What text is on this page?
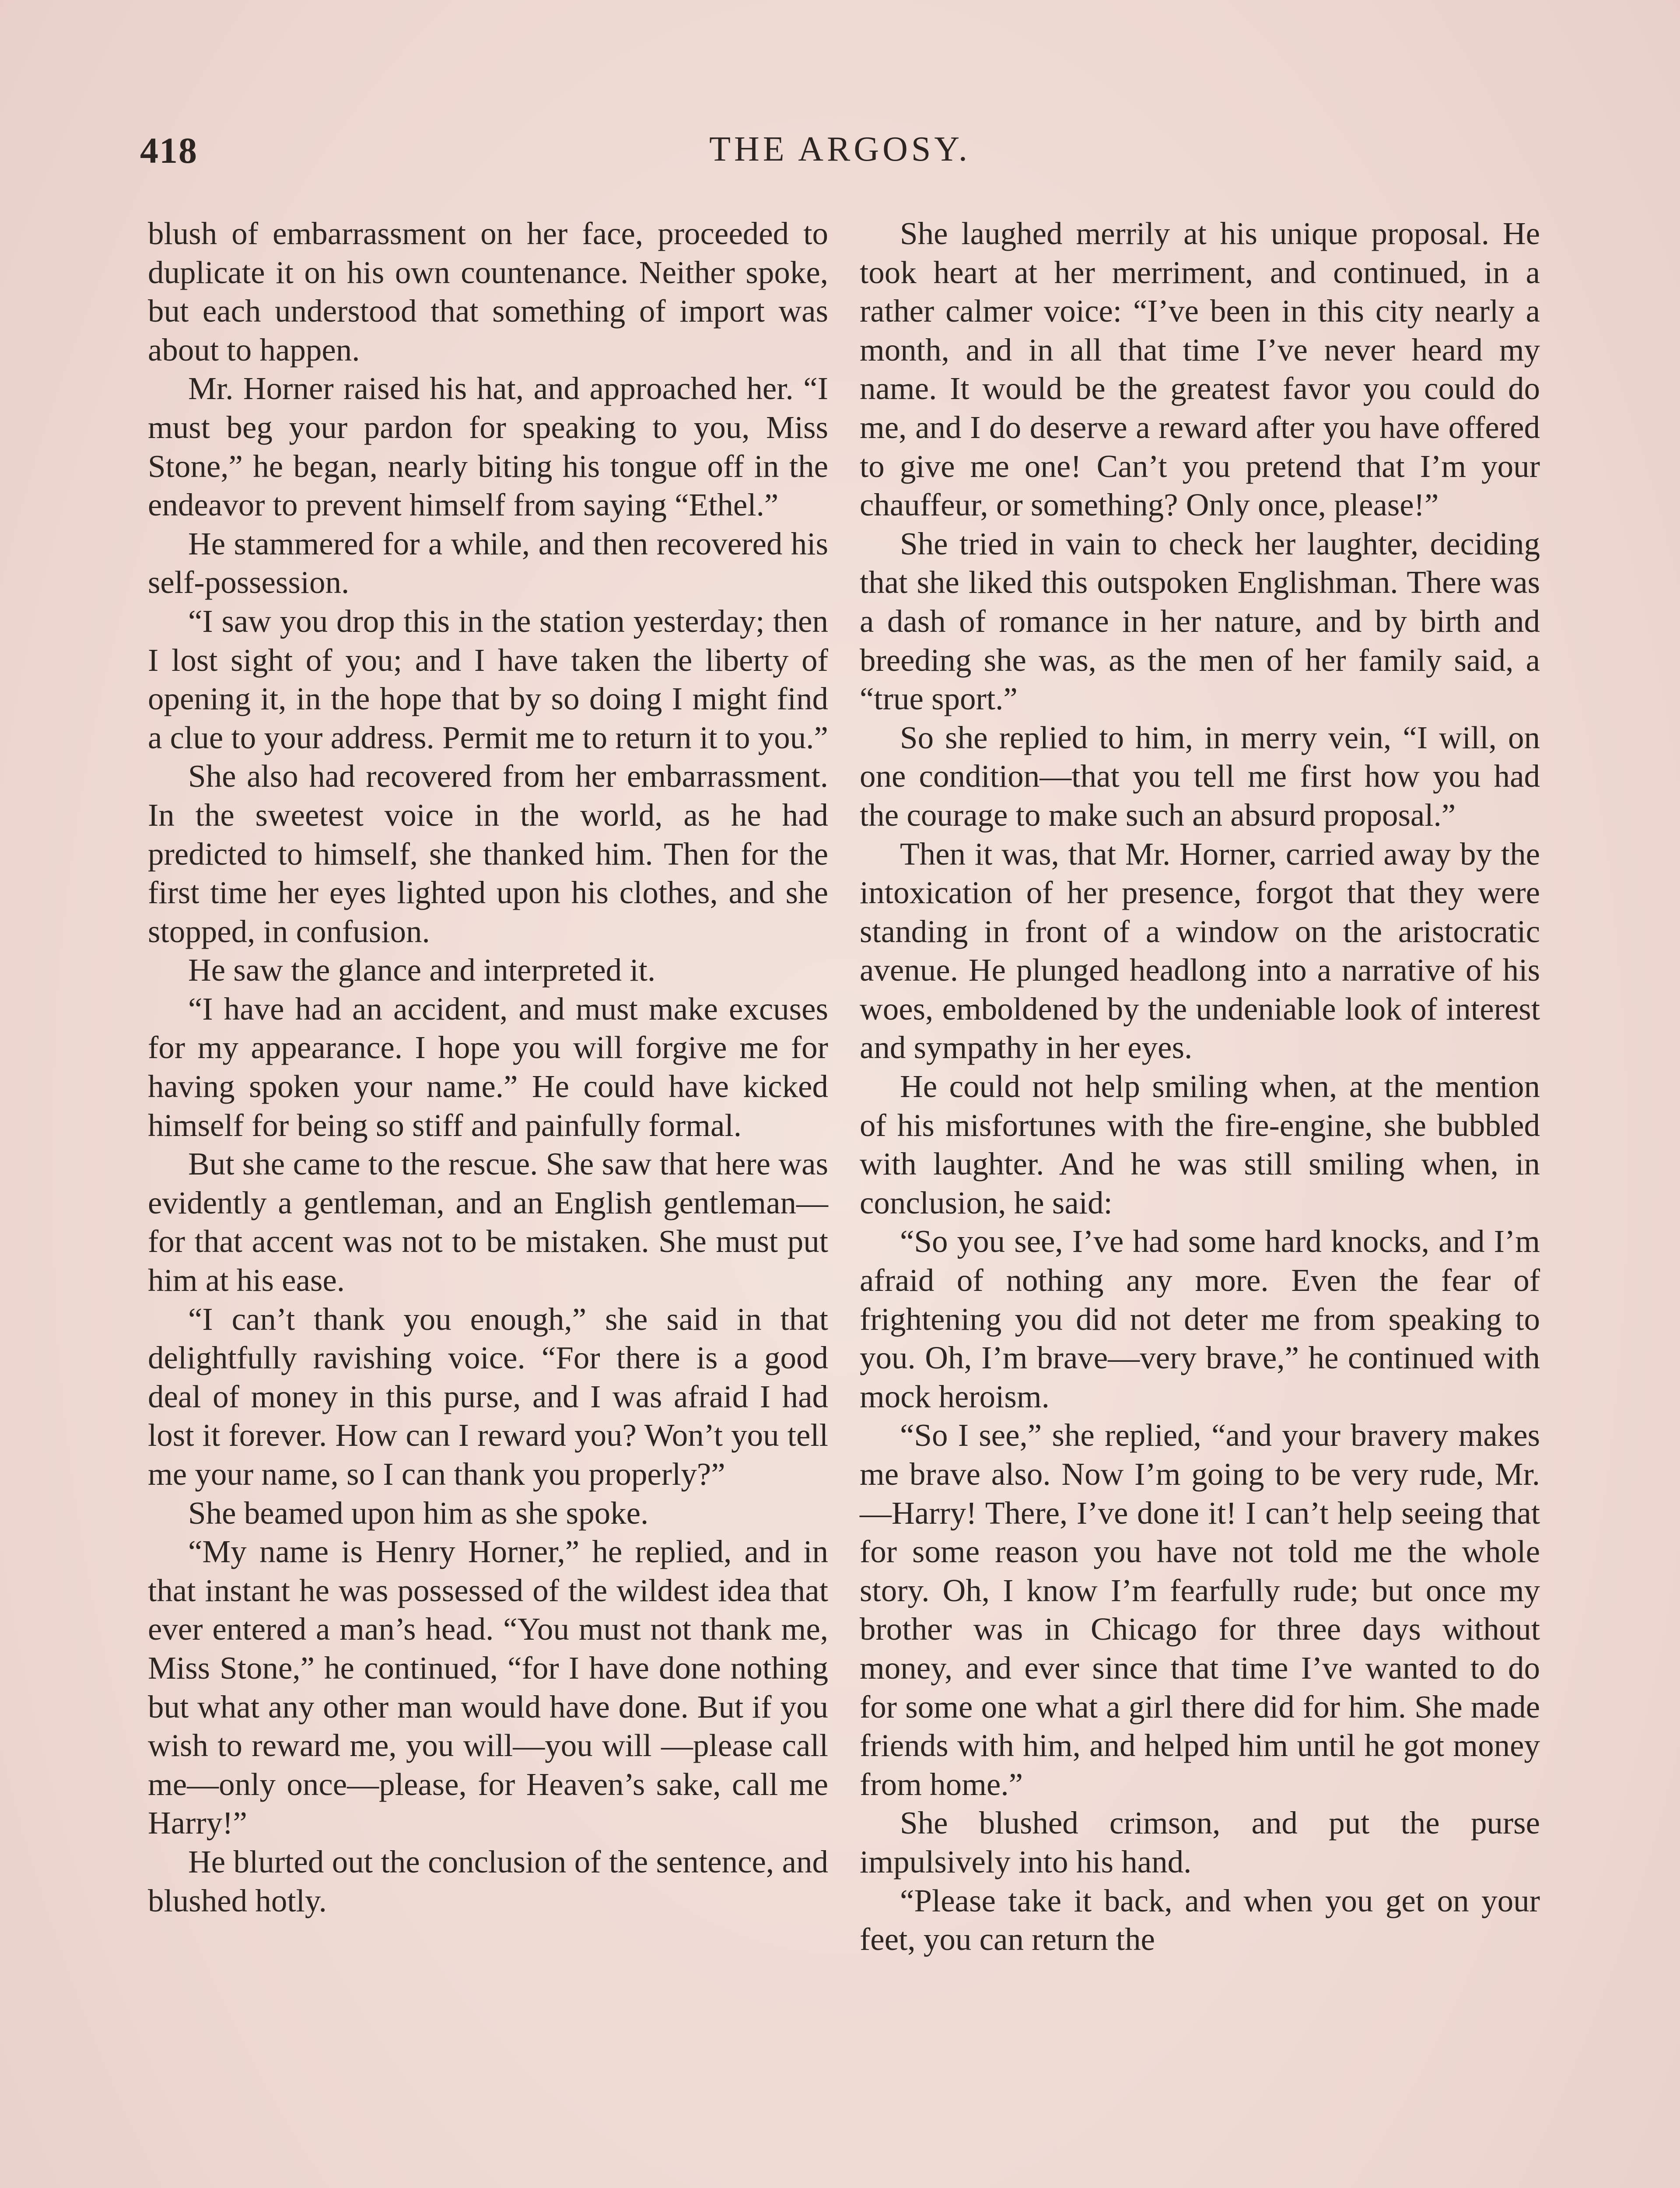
418	THE ARGOSY.

blush of embarrassment on her face, proceeded to duplicate it on his own countenance. Neither spoke, but each understood that something of import was about to happen.

Mr. Horner raised his hat, and approached her. “I must beg your pardon for speaking to you, Miss Stone,” he began, nearly biting his tongue off in the endeavor to prevent himself from saying “Ethel.”

He stammered for a while, and then recovered his self-possession.

“I saw you drop this in the station yesterday; then I lost sight of you; and I have taken the liberty of opening it, in the hope that by so doing I might find a clue to your address. Permit me to return it to you.”

She also had recovered from her embarrassment. In the sweetest voice in the world, as he had predicted to himself, she thanked him. Then for the first time her eyes lighted upon his clothes, and she stopped, in confusion.

He saw the glance and interpreted it.

“I have had an accident, and must make excuses for my appearance. I hope you will forgive me for having spoken your name.” He could have kicked himself for being so stiff and painfully formal.

But she came to the rescue. She saw that here was evidently a gentleman, and an English gentleman—for that accent was not to be mistaken. She must put him at his ease.

“I can’t thank you enough,” she said in that delightfully ravishing voice. “For there is a good deal of money in this purse, and I was afraid I had lost it forever. How can I reward you? Won’t you tell me your name, so I can thank you properly?”

She beamed upon him as she spoke.

“My name is Henry Horner,” he replied, and in that instant he was possessed of the wildest idea that ever entered a man’s head. “You must not thank me, Miss Stone,” he continued, “for I have done nothing but what any other man would have done. But if you wish to reward me, you will—you will —please call me—only once—please, for Heaven’s sake, call me Harry!”

He blurted out the conclusion of the sentence, and blushed hotly.

She laughed merrily at his unique proposal. He took heart at her merriment, and continued, in a rather calmer voice: “I’ve been in this city nearly a month, and in all that time I’ve never heard my name. It would be the greatest favor you could do me, and I do deserve a reward after you have offered to give me one! Can’t you pretend that I’m your chauffeur, or something? Only once, please!”

She tried in vain to check her laughter, deciding that she liked this outspoken Englishman. There was a dash of romance in her nature, and by birth and breeding she was, as the men of her family said, a “true sport.”

So she replied to him, in merry vein, “I will, on one condition—that you tell me first how you had the courage to make such an absurd proposal.”

Then it was, that Mr. Horner, carried away by the intoxication of her presence, forgot that they were standing in front of a window on the aristocratic avenue. He plunged headlong into a narrative of his woes, emboldened by the undeniable look of interest and sympathy in her eyes.

He could not help smiling when, at the mention of his misfortunes with the fire-engine, she bubbled with laughter. And he was still smiling when, in conclusion, he said:

“So you see, I’ve had some hard knocks, and I’m afraid of nothing any more. Even the fear of frightening you did not deter me from speaking to you. Oh, I’m brave—very brave,” he continued with mock heroism.

“So I see,” she replied, “and your bravery makes me brave also. Now I’m going to be very rude, Mr.—Harry! There, I’ve done it! I can’t help seeing that for some reason you have not told me the whole story. Oh, I know I’m fearfully rude; but once my brother was in Chicago for three days without money, and ever since that time I’ve wanted to do for some one what a girl there did for him. She made friends with him, and helped him until he got money from home.”

She blushed crimson, and put the purse impulsively into his hand.

“Please take it back, and when you get on your feet, you can return the
